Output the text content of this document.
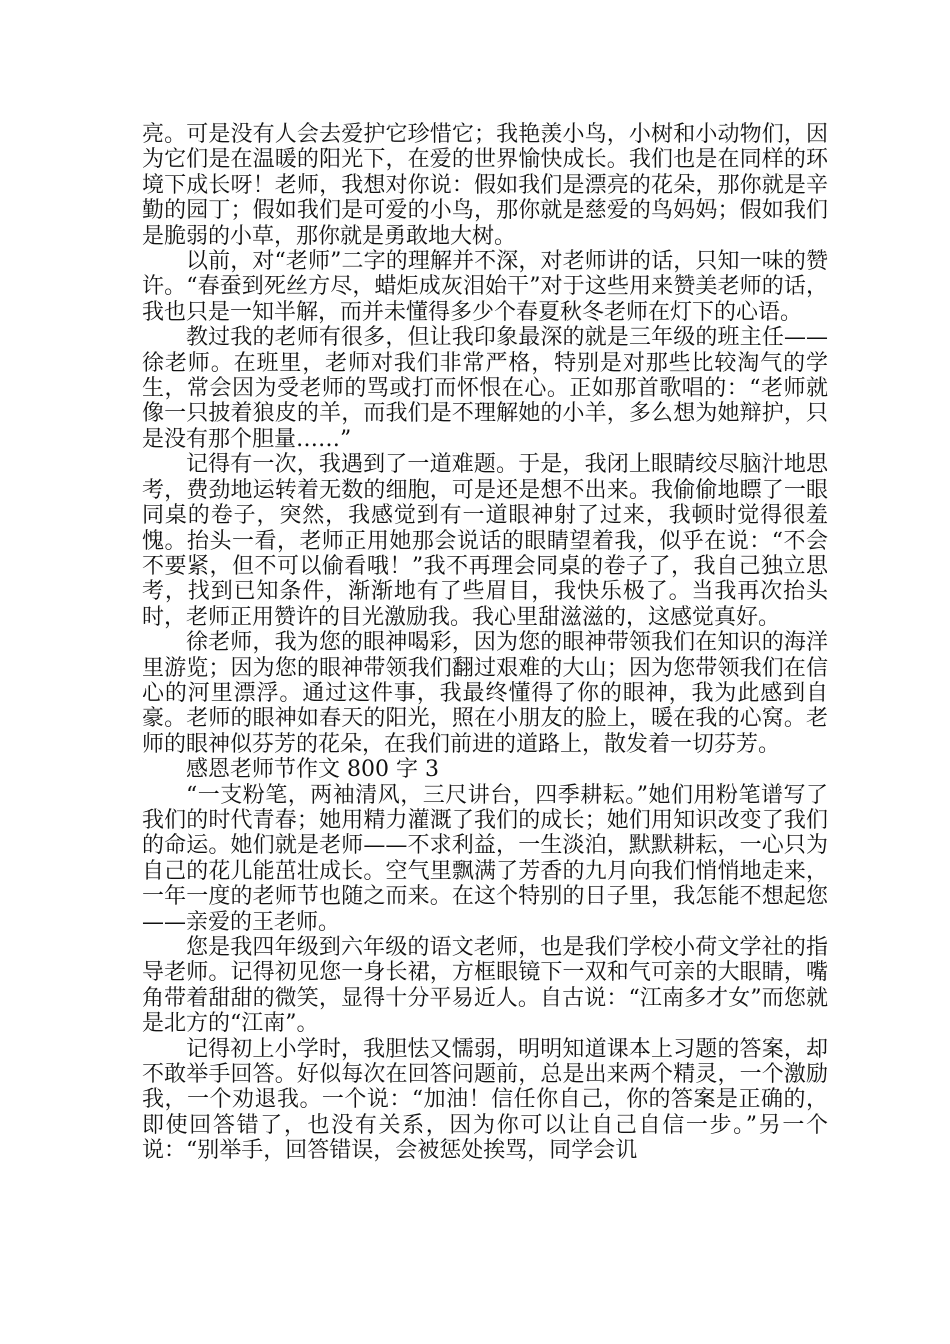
亮。可是没有人会去爱护它珍惜它；我艳羡小鸟，小树和小动物们，因为它们是在温暖的阳光下，在爱的世界愉快成长。我们也是在同样的环境下成长呀！老师，我想对你说：假如我们是漂亮的花朵，那你就是辛勤的园丁；假如我们是可爱的小鸟，那你就是慈爱的鸟妈妈；假如我们是脆弱的小草，那你就是勇敢地大树。

以前，对“老师”二字的理解并不深，对老师讲的话，只知一味的赞许。“春蚕到死丝方尽，蜡炬成灰泪始干”对于这些用来赞美老师的话，我也只是一知半解，而并未懂得多少个春夏秋冬老师在灯下的心语。

教过我的老师有很多，但让我印象最深的就是三年级的班主任——徐老师。在班里，老师对我们非常严格，特别是对那些比较淘气的学生，常会因为受老师的骂或打而怀恨在心。正如那首歌唱的：“老师就像一只披着狼皮的羊，而我们是不理解她的小羊，多么想为她辩护，只是没有那个胆量……”

记得有一次，我遇到了一道难题。于是，我闭上眼睛绞尽脑汁地思考，费劲地运转着无数的细胞，可是还是想不出来。我偷偷地瞟了一眼同桌的卷子，突然，我感觉到有一道眼神射了过来，我顿时觉得很羞愧。抬头一看，老师正用她那会说话的眼睛望着我，似乎在说：“不会不要紧，但不可以偷看哦！”我不再理会同桌的卷子了，我自己独立思考，找到已知条件，渐渐地有了些眉目，我快乐极了。当我再次抬头时，老师正用赞许的目光激励我。我心里甜滋滋的，这感觉真好。

徐老师，我为您的眼神喝彩，因为您的眼神带领我们在知识的海洋里游览；因为您的眼神带领我们翻过艰难的大山；因为您带领我们在信心的河里漂浮。通过这件事，我最终懂得了你的眼神，我为此感到自豪。老师的眼神如春天的阳光，照在小朋友的脸上，暖在我的心窝。老师的眼神似芬芳的花朵，在我们前进的道路上，散发着一切芬芳。

感恩老师节作文 800 字 3

“一支粉笔，两袖清风，三尺讲台，四季耕耘。”她们用粉笔谱写了我们的时代青春；她用精力灌溉了我们的成长；她们用知识改变了我们的命运。她们就是老师——不求利益，一生淡泊，默默耕耘，一心只为自己的花儿能茁壮成长。空气里飘满了芳香的九月向我们悄悄地走来，一年一度的老师节也随之而来。在这个特别的日子里，我怎能不想起您——亲爱的王老师。

您是我四年级到六年级的语文老师，也是我们学校小荷文学社的指导老师。记得初见您一身长裙，方框眼镜下一双和气可亲的大眼睛，嘴角带着甜甜的微笑，显得十分平易近人。自古说：“江南多才女”而您就是北方的“江南”。

记得初上小学时，我胆怯又懦弱，明明知道课本上习题的答案，却不敢举手回答。好似每次在回答问题前，总是出来两个精灵，一个激励我，一个劝退我。一个说：“加油！信任你自己，你的答案是正确的，即使回答错了，也没有关系，因为你可以让自己自信一步。”另一个说：“别举手，回答错误，会被惩处挨骂，同学会讥
